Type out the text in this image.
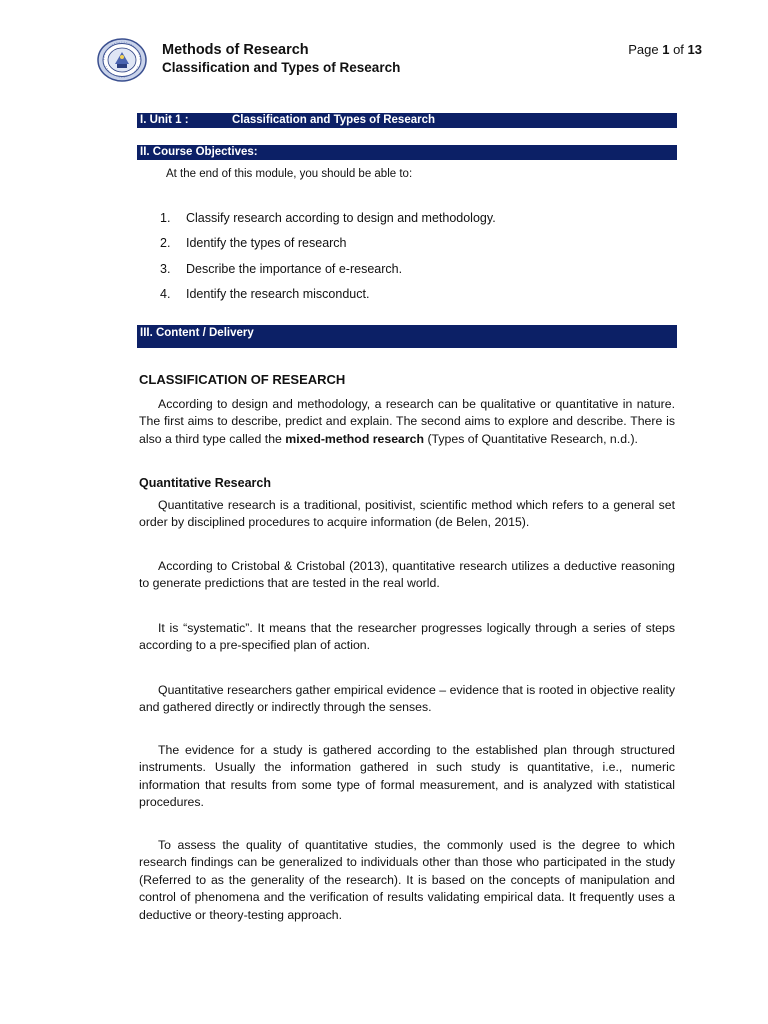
Methods of Research
Classification and Types of Research
Page 1 of 13
I. Unit 1 :	Classification and Types of Research
II. Course Objectives:
At the end of this module, you should be able to:
1. Classify research according to design and methodology.
2. Identify the types of research
3. Describe the importance of e-research.
4. Identify the research misconduct.
III. Content / Delivery
CLASSIFICATION OF RESEARCH

According to design and methodology, a research can be qualitative or quantitative in nature. The first aims to describe, predict and explain. The second aims to explore and describe. There is also a third type called the mixed-method research (Types of Quantitative Research, n.d.).

Quantitative Research

Quantitative research is a traditional, positivist, scientific method which refers to a general set order by disciplined procedures to acquire information (de Belen, 2015).

According to Cristobal & Cristobal (2013), quantitative research utilizes a deductive reasoning to generate predictions that are tested in the real world.

It is “systematic”. It means that the researcher progresses logically through a series of steps according to a pre-specified plan of action.

Quantitative researchers gather empirical evidence – evidence that is rooted in objective reality and gathered directly or indirectly through the senses.

The evidence for a study is gathered according to the established plan through structured instruments. Usually the information gathered in such study is quantitative, i.e., numeric information that results from some type of formal measurement, and is analyzed with statistical procedures.

To assess the quality of quantitative studies, the commonly used is the degree to which research findings can be generalized to individuals other than those who participated in the study (Referred to as the generality of the research). It is based on the concepts of manipulation and control of phenomena and the verification of results validating empirical data. It frequently uses a deductive or theory-testing approach.
